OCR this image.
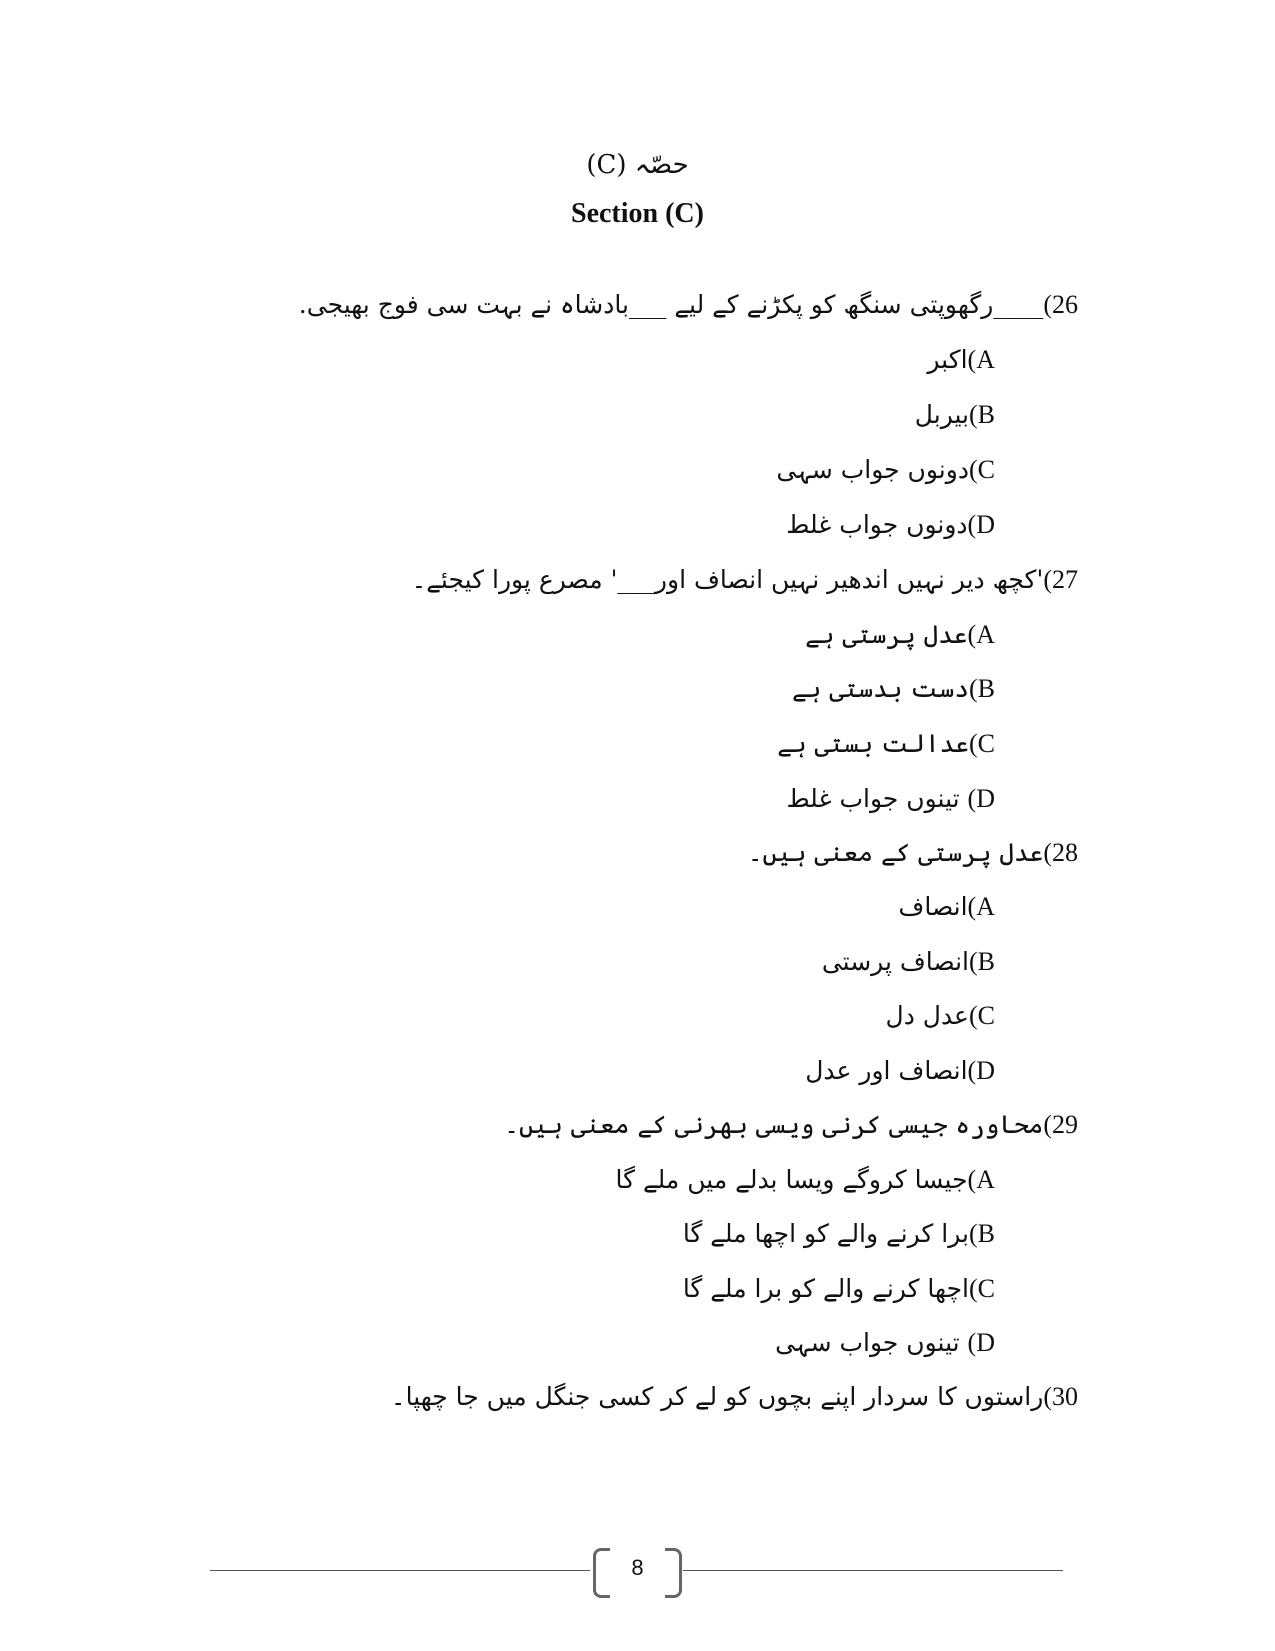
حصّہ (C)
Section (C)
26)____رگھوپتی سنگھ کو پکڑنے کے لیے ___بادشاہ نے بہت سی فوج بھیجی.
A)اکبر
B)بیربل
C)دونوں جواب سہی
D)دونوں جواب غلط
27)'کچھ دیر نہیں اندھیر نہیں انصاف اور___' مصرع پورا کیجئے۔
A)عدل پرستی ہے
B)دست بدستی ہے
C)عدالت بستی ہے
D) تینوں جواب غلط
28)عدل پرستی کے معنی ہیں۔
A)انصاف
B)انصاف پرستی
C)عدل دل
D)انصاف اور عدل
29)محاورہ جیسی کرنی ویسی بھرنی کے معنی ہیں۔
A)جیسا کروگے ویسا بدلے میں ملے گا
B)برا کرنے والے کو اچھا ملے گا
C)اچھا کرنے والے کو برا ملے گا
D) تینوں جواب سہی
30)راستوں کا سردار اپنے بچوں کو لے کر کسی جنگل میں جا چھپا۔
8
